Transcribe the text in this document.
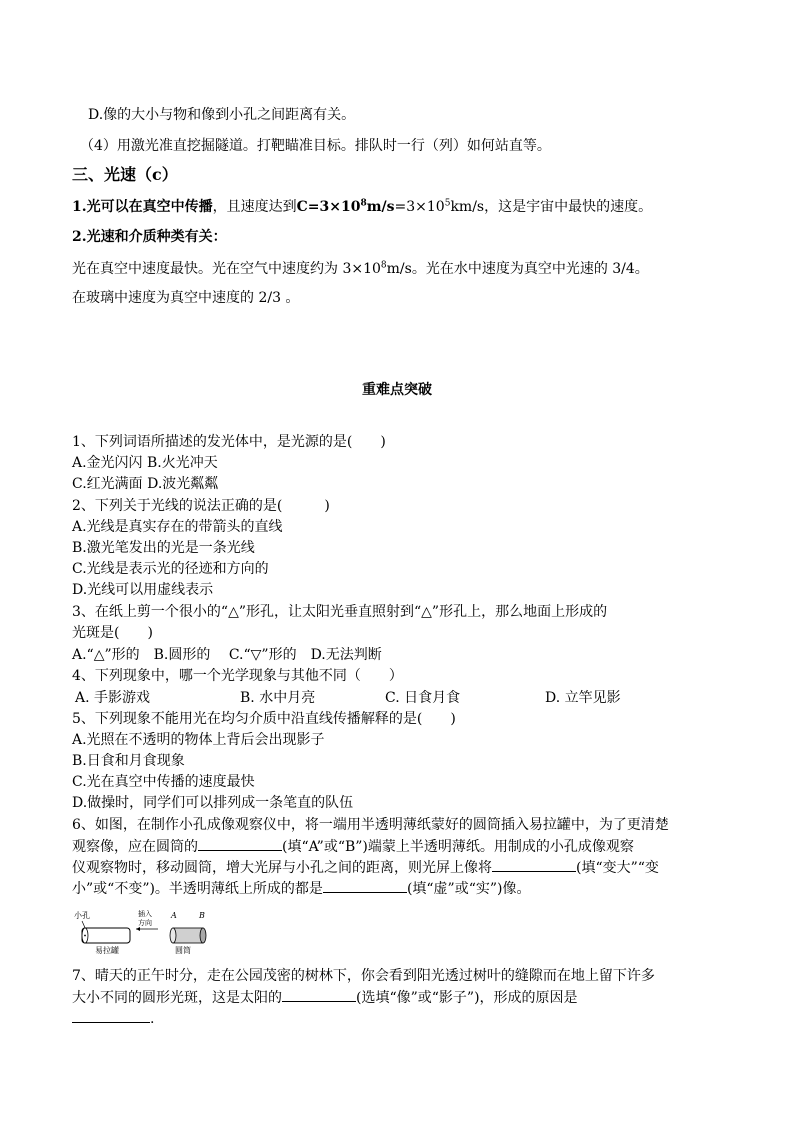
D.像的大小与物和像到小孔之间距离有关。
（4）用激光准直挖掘隧道。打靶瞄准目标。排队时一行（列）如何站直等。
三、光速（c）
1.光可以在真空中传播，且速度达到$C=3\times 10^8m/s=3\times 10^5km/s$，这是宇宙中最快的速度。
2.光速和介质种类有关：
光在真空中速度最快。光在空气中速度约为 $3\times 10^8m/s$。光在水中速度为真空中光速的 3/4。
在玻璃中速度为真空中速度的 2/3 。
重难点突破
1、下列词语所描述的发光体中，是光源的是(　　)
A.金光闪闪 B.火光冲天
C.红光满面 D.波光粼粼
2、下列关于光线的说法正确的是(　　　)
A.光线是真实存在的带箭头的直线
B.激光笔发出的光是一条光线
C.光线是表示光的径迹和方向的
D.光线可以用虚线表示
3、在纸上剪一个很小的“△”形孔，让太阳光垂直照射到“△”形孔上，那么地面上形成的
光斑是(　　)
A.“△”形的　B.圆形的　 C.“▽”形的　D.无法判断
4、下列现象中，哪一个光学现象与其他不同（　　）
A. 手影游戏	B. 水中月亮	C. 日食月食	D. 立竿见影
5、下列现象不能用光在均匀介质中沿直线传播解释的是(　　)
A.光照在不透明的物体上背后会出现影子
B.日食和月食现象
C.光在真空中传播的速度最快
D.做操时，同学们可以排列成一条笔直的队伍
6、如图，在制作小孔成像观察仪中，将一端用半透明薄纸蒙好的圆筒插入易拉罐中，为了更清楚
观察像，应在圆筒的	(填“A”或“B”)端蒙上半透明薄纸。用制成的小孔成像观察
仪观察物时，移动圆筒，增大光屏与小孔之间的距离，则光屏上像将	(填“变大”“变
小”或“不变”)。半透明薄纸上所成的都是	(填“虚”或“实”)像。
小孔
易拉罐
插入
方向
A	B
圆筒
7、晴天的正午时分，走在公园茂密的树林下，你会看到阳光透过树叶的缝隙而在地上留下许多
大小不同的圆形光斑，这是太阳的	(选填“像”或“影子”)，形成的原因是
.
